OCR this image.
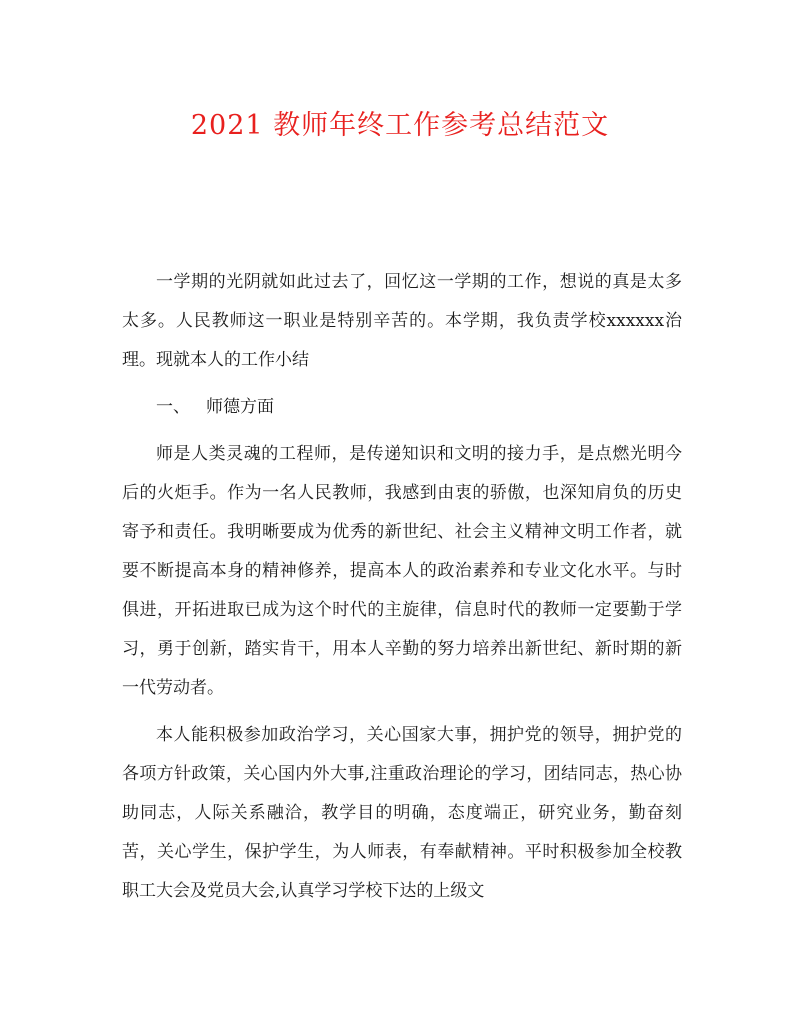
2021 教师年终工作参考总结范文

一学期的光阴就如此过去了，回忆这一学期的工作，想说的真是太多太多。人民教师这一职业是特别辛苦的。本学期，我负责学校xxxxxx治理。现就本人的工作小结

一、 师德方面

师是人类灵魂的工程师，是传递知识和文明的接力手，是点燃光明今后的火炬手。作为一名人民教师，我感到由衷的骄傲，也深知肩负的历史寄予和责任。我明晰要成为优秀的新世纪、社会主义精神文明工作者，就要不断提高本身的精神修养，提高本人的政治素养和专业文化水平。与时俱进，开拓进取已成为这个时代的主旋律，信息时代的教师一定要勤于学习，勇于创新，踏实肯干，用本人辛勤的努力培养出新世纪、新时期的新一代劳动者。

本人能积极参加政治学习，关心国家大事，拥护党的领导，拥护党的各项方针政策，关心国内外大事,注重政治理论的学习，团结同志，热心协助同志，人际关系融洽，教学目的明确，态度端正，研究业务，勤奋刻苦，关心学生，保护学生，为人师表，有奉献精神。平时积极参加全校教职工大会及党员大会,认真学习学校下达的上级文
